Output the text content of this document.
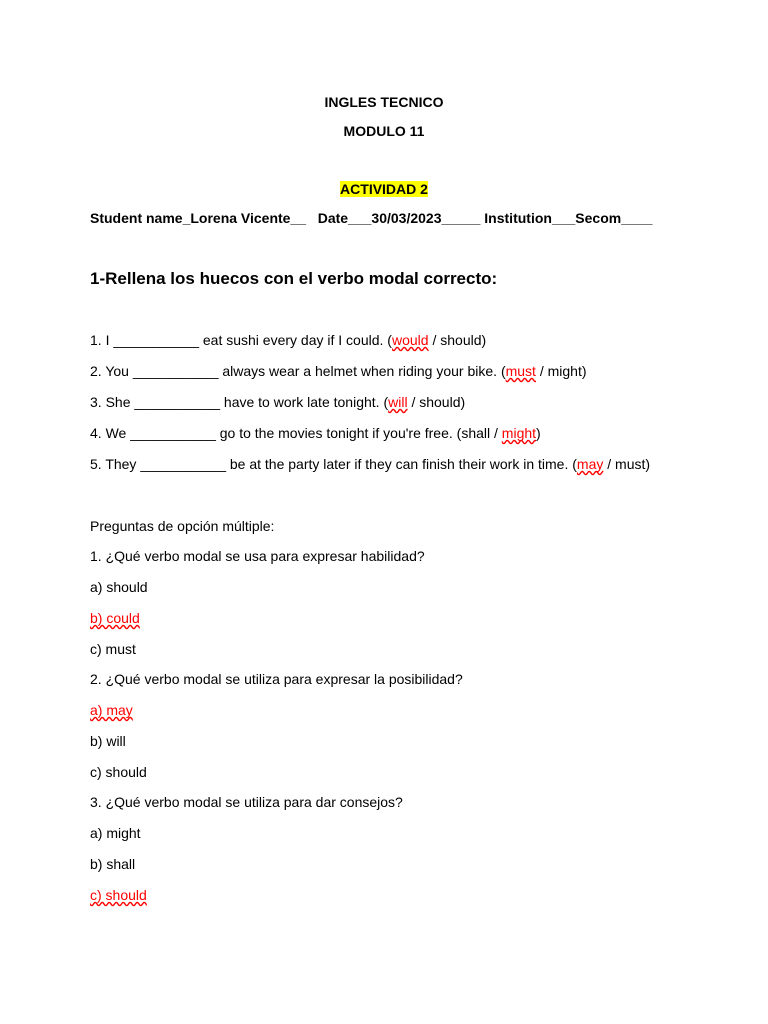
INGLES TECNICO
MODULO 11
ACTIVIDAD 2
Student name_Lorena Vicente__   Date___30/03/2023_____ Institution___Secom____
1-Rellena los huecos con el verbo modal correcto:
1. I ___________ eat sushi every day if I could. (would / should)
2. You ___________ always wear a helmet when riding your bike. (must / might)
3. She ___________ have to work late tonight. (will / should)
4. We ___________ go to the movies tonight if you're free. (shall / might)
5. They ___________ be at the party later if they can finish their work in time. (may / must)
Preguntas de opción múltiple:
1. ¿Qué verbo modal se usa para expresar habilidad?
a) should
b) could
c) must
2. ¿Qué verbo modal se utiliza para expresar la posibilidad?
a) may
b) will
c) should
3. ¿Qué verbo modal se utiliza para dar consejos?
a) might
b) shall
c) should
